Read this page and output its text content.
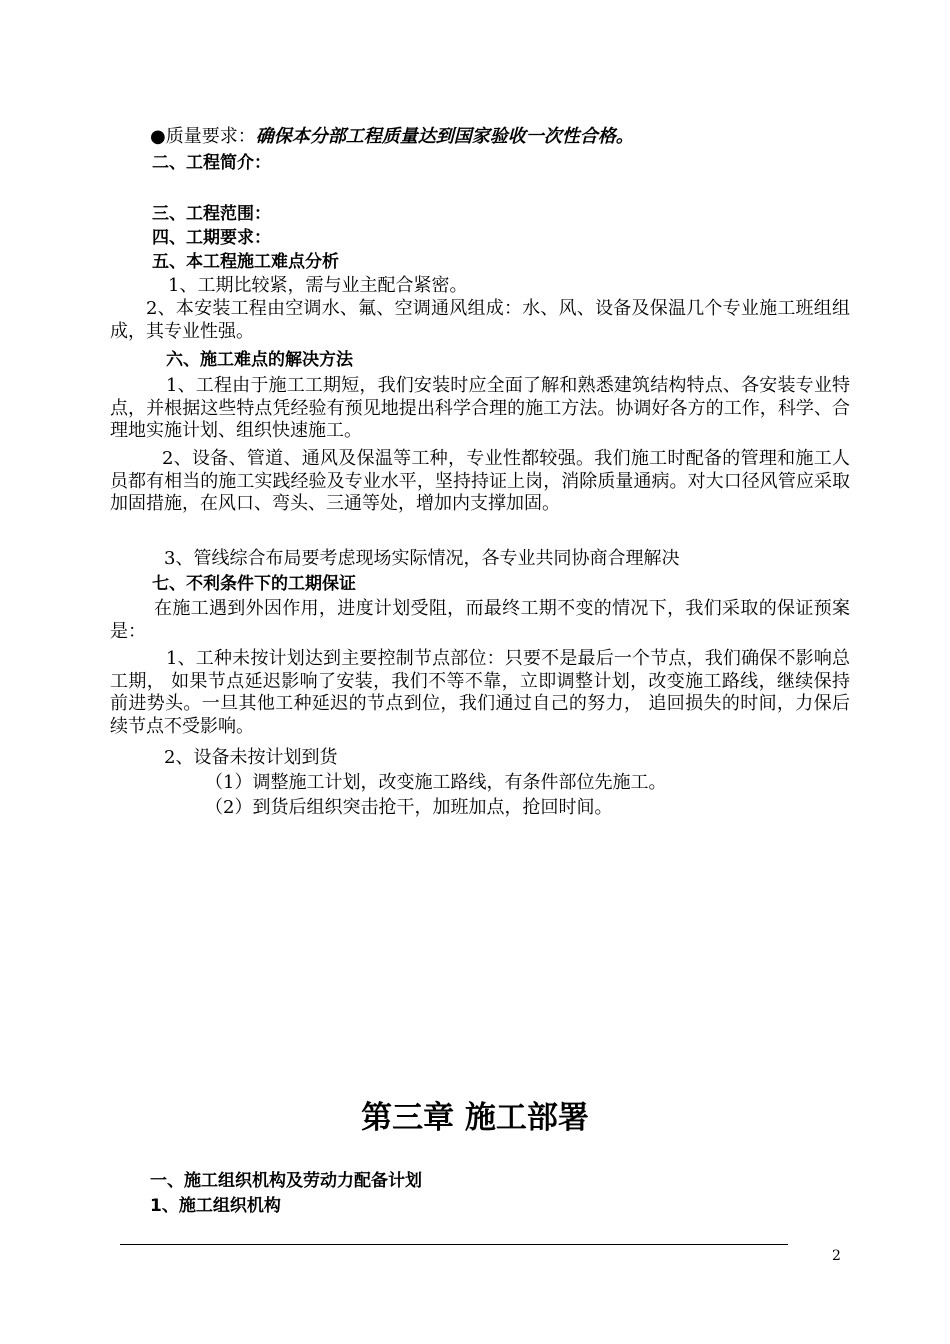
●质量要求：确保本分部工程质量达到国家验收一次性合格。
二、工程简介：
三、工程范围：
四、工期要求：
五、本工程施工难点分析
1、工期比较紧，需与业主配合紧密。
2、本安装工程由空调水、氟、空调通风组成：水、风、设备及保温几个专业施工班组组成，其专业性强。
六、施工难点的解决方法
1、工程由于施工工期短，我们安装时应全面了解和熟悉建筑结构特点、各安装专业特点，并根据这些特点凭经验有预见地提出科学合理的施工方法。协调好各方的工作，科学、合理地实施计划、组织快速施工。
2、设备、管道、通风及保温等工种，专业性都较强。我们施工时配备的管理和施工人员都有相当的施工实践经验及专业水平，坚持持证上岗，消除质量通病。对大口径风管应采取加固措施，在风口、弯头、三通等处，增加内支撑加固。
3、管线综合布局要考虑现场实际情况，各专业共同协商合理解决
七、不利条件下的工期保证
在施工遇到外因作用，进度计划受阻，而最终工期不变的情况下，我们采取的保证预案是：
1、工种未按计划达到主要控制节点部位：只要不是最后一个节点，我们确保不影响总工期， 如果节点延迟影响了安装，我们不等不靠，立即调整计划，改变施工路线，继续保持前进势头。一旦其他工种延迟的节点到位，我们通过自己的努力， 追回损失的时间，力保后续节点不受影响。
2、设备未按计划到货
（1）调整施工计划，改变施工路线，有条件部位先施工。
（2）到货后组织突击抢干，加班加点，抢回时间。
第三章 施工部署
一、施工组织机构及劳动力配备计划
1、施工组织机构
2
